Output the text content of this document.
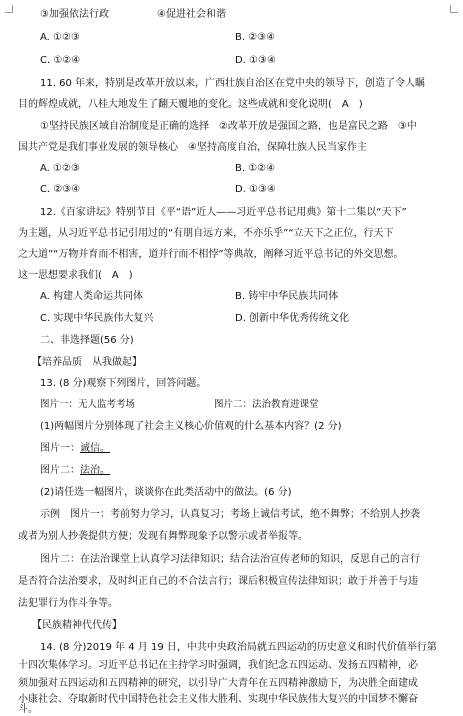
③加强依法行政	④促进社会和谐
A. ①②③	B. ②③④
C. ①②④	D. ①③④
11. 60 年来，特别是改革开放以来，广西壮族自治区在党中央的领导下，创造了令人瞩
目的辉煌成就，八桂大地发生了翻天覆地的变化。这些成就和变化说明(　A　)
①坚持民族区域自治制度是正确的选择　②改革开放是强国之路，也是富民之路　③中
国共产党是我们事业发展的领导核心　④坚持高度自治，保障壮族人民当家作主
A. ①②③	B. ①②④
C. ②③④	D. ①③④
12.《百家讲坛》特别节目《平“语”近人——习近平总书记用典》第十二集以“天下”
为主题，从习近平总书记引用过的“有朋自远方来，不亦乐乎”“立天下之正位，行天下
之大道”“万物并育而不相害，道并行而不相悖”等典故，阐释习近平总书记的外交思想。
这一思想要求我们(　A　)
A. 构建人类命运共同体	B. 铸牢中华民族共同体
C. 实现中华民族伟大复兴	D. 创新中华优秀传统文化
二、非选择题(56 分)
【培养品质　从我做起】
13. (8 分)观察下列图片，回答问题。
图片一：无人监考考场	图片二：法治教育进课堂
(1)两幅图片分别体现了社会主义核心价值观的什么基本内容？(2 分)
图片一：诚信。
图片二：法治。
(2)请任选一幅图片，谈谈你在此类活动中的做法。(6 分)
示例　图片一：考前努力学习，认真复习；考场上诚信考试，绝不舞弊；不给别人抄袭
或者为别人抄袭提供方便；发现有舞弊现象予以警示或者举报等。
图片二：在法治课堂上认真学习法律知识；结合法治宣传老师的知识，反思自己的言行
是否符合法治要求，及时纠正自己的不合法言行；课后积极宣传法律知识；敢于并善于与违
法犯罪行为作斗争等。
【民族精神代代传】
14. (8 分)2019 年 4 月 19 日，中共中央政治局就五四运动的历史意义和时代价值举行第
十四次集体学习。习近平总书记在主持学习时强调，我们纪念五四运动、发扬五四精神，必
须加强对五四运动和五四精神的研究，以引导广大青年在五四精神激励下，为决胜全面建成
小康社会、夺取新时代中国特色社会主义伟大胜利、实现中华民族伟大复兴的中国梦不懈奋
斗。
